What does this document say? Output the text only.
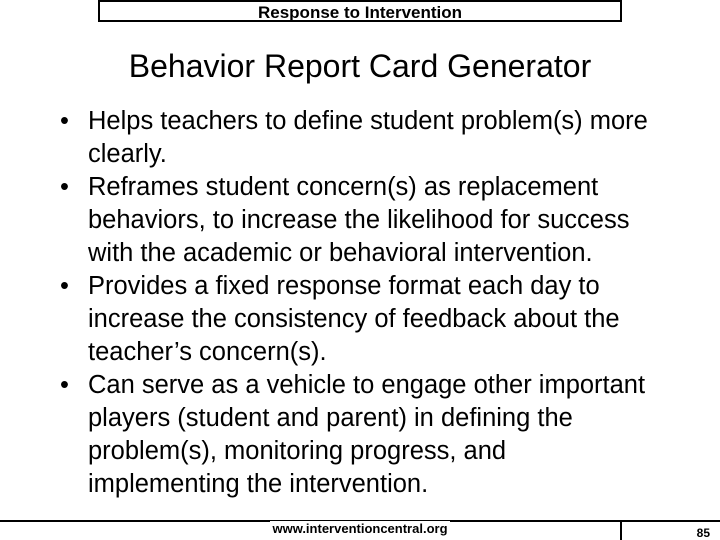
Response to Intervention
Behavior Report Card Generator
• Helps teachers to define student problem(s) more clearly.
• Reframes student concern(s) as replacement behaviors, to increase the likelihood for success with the academic or behavioral intervention.
• Provides a fixed response format each day to increase the consistency of feedback about the teacher’s concern(s).
• Can serve as a vehicle to engage other important players (student and parent) in defining the problem(s), monitoring progress, and implementing the intervention.
www.interventioncentral.org	85
